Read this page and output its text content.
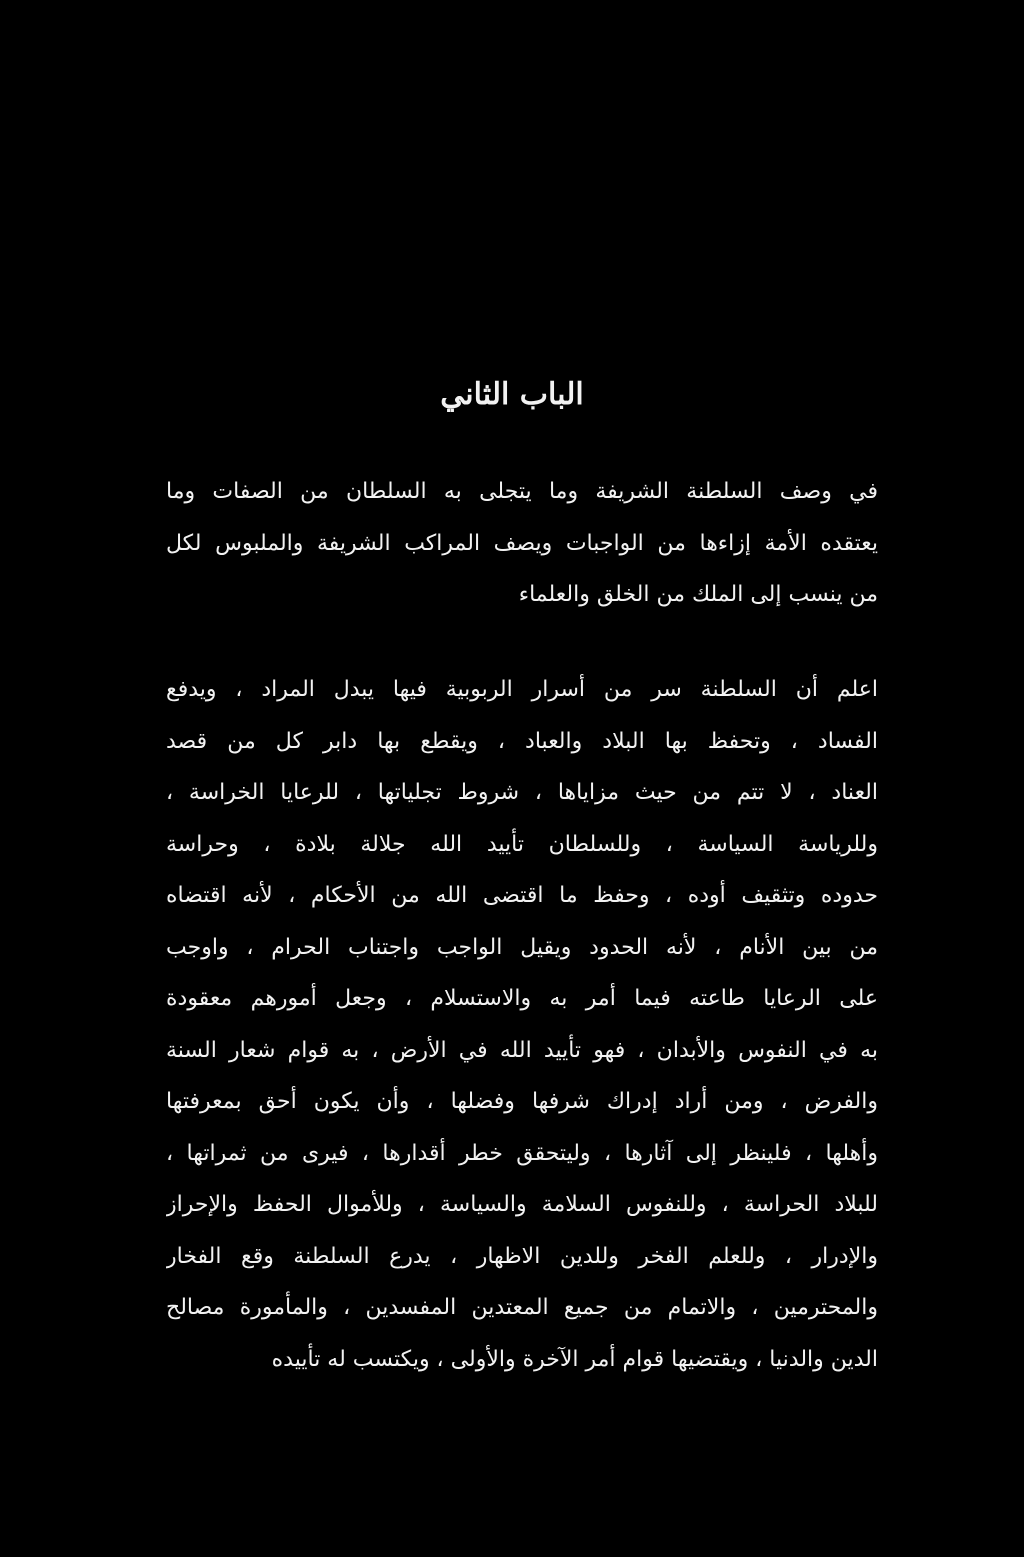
الباب الثاني
في وصف السلطنة الشريفة وما يتجلى به السلطان من الصفات وما
يعتقده الأمة إزاءها من الواجبات ويصف المراكب الشريفة والملبوس لكل
من ينسب إلى الملك من الخلق والعلماء
اعلم أن السلطنة سر من أسرار الربوبية فيها يبدل المراد ، ويدفع
الفساد ، وتحفظ بها البلاد والعباد ، ويقطع بها دابر كل من قصد
العناد ، لا تتم من حيث مزاياها ، شروط تجلياتها ، للرعايا الخراسة ،
وللرياسة السياسة ، وللسلطان تأييد الله جلالة بلادة ، وحراسة
حدوده وتثقيف أوده ، وحفظ ما اقتضى الله من الأحكام ، لأنه اقتضاه
من بين الأنام ، لأنه الحدود ويقيل الواجب واجتناب الحرام ، واوجب
على الرعايا طاعته فيما أمر به والاستسلام ، وجعل أمورهم معقودة
به في النفوس والأبدان ، فهو تأييد الله في الأرض ، به قوام شعار السنة
والفرض ، ومن أراد إدراك شرفها وفضلها ، وأن يكون أحق بمعرفتها
وأهلها ، فلينظر إلى آثارها ، وليتحقق خطر أقدارها ، فيرى من ثمراتها ،
للبلاد الحراسة ، وللنفوس السلامة والسياسة ، وللأموال الحفظ والإحراز
والإدرار ، وللعلم الفخر وللدين الاظهار ، يدرع السلطنة وقع الفخار
والمحترمين ، والاتمام من جميع المعتدين المفسدين ، والمأمورة مصالح
الدين والدنيا ، ويقتضيها قوام أمر الآخرة والأولى ، ويكتسب له تأييده
